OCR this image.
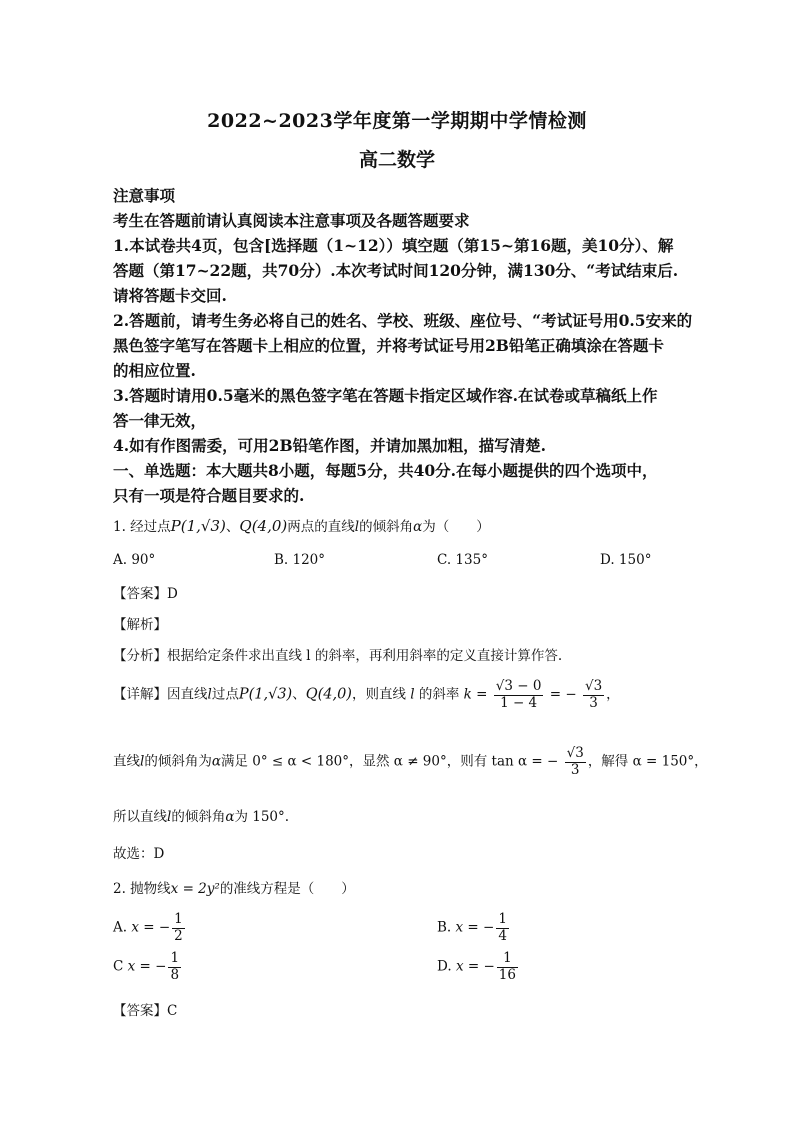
2022~2023学年度第一学期期中学情检测
高二数学
注意事项
考生在答题前请认真阅读本注意事项及各题答题要求
1.本试卷共4页，包含[选择题（1~12））填空题（第15~第16题，美10分）、解
答题（第17~22题，共70分）.本次考试时间120分钟，满130分、“考试结束后.
请将答题卡交回.
2.答题前，请考生务必将自己的姓名、学校、班级、座位号、“考试证号用0.5安来的
黑色签字笔写在答题卡上相应的位置，并将考试证号用2B铅笔正确填涂在答题卡
的相应位置.
3.答题时请用0.5毫米的黑色签字笔在答题卡指定区域作容.在试卷或草稿纸上作
答一律无效，
4.如有作图需委，可用2B铅笔作图，并请加黑加粗，描写清楚.
一、单选题：本大题共8小题，每题5分，共40分.在每小题提供的四个选项中，
只有一项是符合题目要求的.
1. 经过点P(1,√3)、Q(4,0)两点的直线l的倾斜角α为（　　）
A. 90°	B. 120°	C. 135°	D. 150°
【答案】D
【解析】
【分析】根据给定条件求出直线 l 的斜率，再利用斜率的定义直接计算作答.
【详解】因直线l过点P(1,√3)、Q(4,0)，则直线 l 的斜率 $k = \frac{√3 - 0}{1 - 4}$ = − $\frac{√3}{3}$ ，
直线l的倾斜角为α满足 0° ≤ α < 180°，显然 α ≠ 90°，则有 tan α = − $\frac{√3}{3}$ ，解得 α = 150°，
所以直线l的倾斜角α为 150°.
故选：D
2. 抛物线x = 2y²的准线方程是（　　）
A. x = − $\frac{1}{2}$	B. x = − $\frac{1}{4}$
C x = − $\frac{1}{8}$	D. x = − $\frac{1}{16}$
【答案】C
